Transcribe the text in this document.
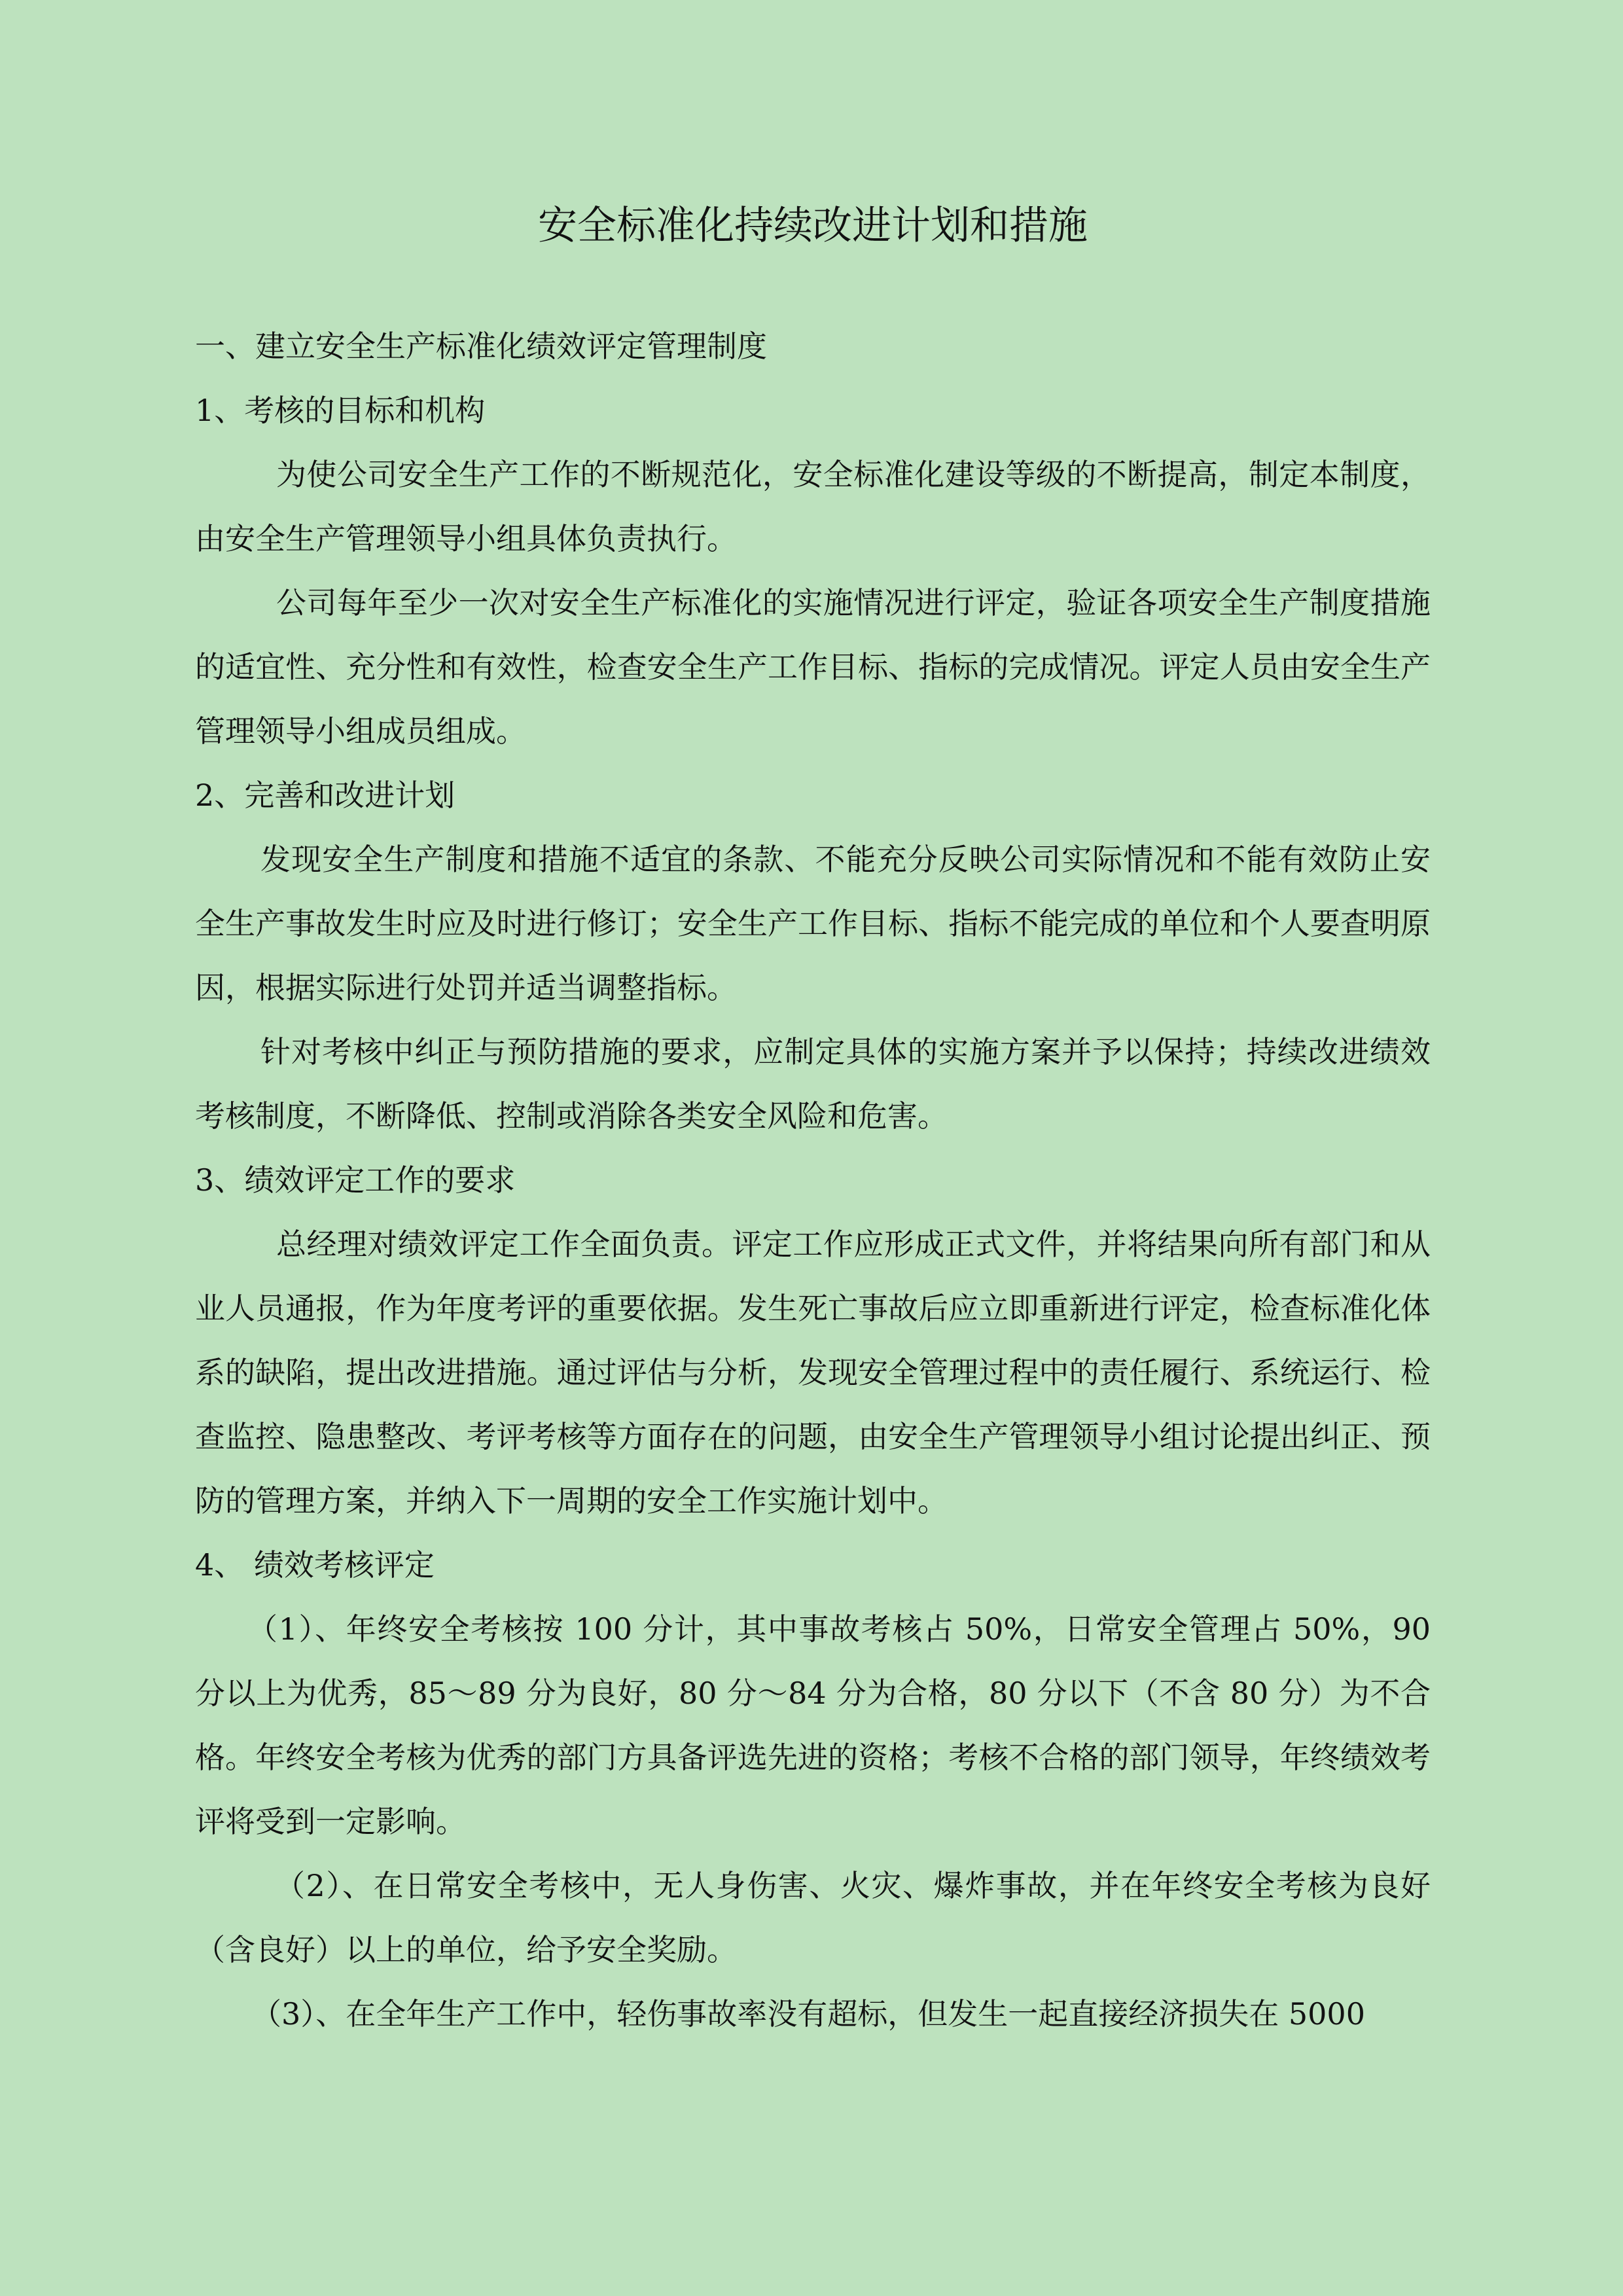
安全标准化持续改进计划和措施

一、建立安全生产标准化绩效评定管理制度

1、考核的目标和机构

为使公司安全生产工作的不断规范化，安全标准化建设等级的不断提高，制定本制度，由安全生产管理领导小组具体负责执行。

公司每年至少一次对安全生产标准化的实施情况进行评定，验证各项安全生产制度措施的适宜性、充分性和有效性，检查安全生产工作目标、指标的完成情况。评定人员由安全生产管理领导小组成员组成。

2、完善和改进计划

发现安全生产制度和措施不适宜的条款、不能充分反映公司实际情况和不能有效防止安全生产事故发生时应及时进行修订；安全生产工作目标、指标不能完成的单位和个人要查明原因，根据实际进行处罚并适当调整指标。

针对考核中纠正与预防措施的要求，应制定具体的实施方案并予以保持；持续改进绩效考核制度，不断降低、控制或消除各类安全风险和危害。

3、绩效评定工作的要求

总经理对绩效评定工作全面负责。评定工作应形成正式文件，并将结果向所有部门和从业人员通报，作为年度考评的重要依据。发生死亡事故后应立即重新进行评定，检查标准化体系的缺陷，提出改进措施。通过评估与分析，发现安全管理过程中的责任履行、系统运行、检查监控、隐患整改、考评考核等方面存在的问题，由安全生产管理领导小组讨论提出纠正、预防的管理方案，并纳入下一周期的安全工作实施计划中。

4、 绩效考核评定

（1）、年终安全考核按 100 分计，其中事故考核占 50%，日常安全管理占 50%，90 分以上为优秀，85～89 分为良好，80 分～84 分为合格，80 分以下（不含 80 分）为不合格。年终安全考核为优秀的部门方具备评选先进的资格；考核不合格的部门领导，年终绩效考评将受到一定影响。

（2）、在日常安全考核中，无人身伤害、火灾、爆炸事故，并在年终安全考核为良好（含良好）以上的单位，给予安全奖励。

（3）、在全年生产工作中，轻伤事故率没有超标，但发生一起直接经济损失在 5000
